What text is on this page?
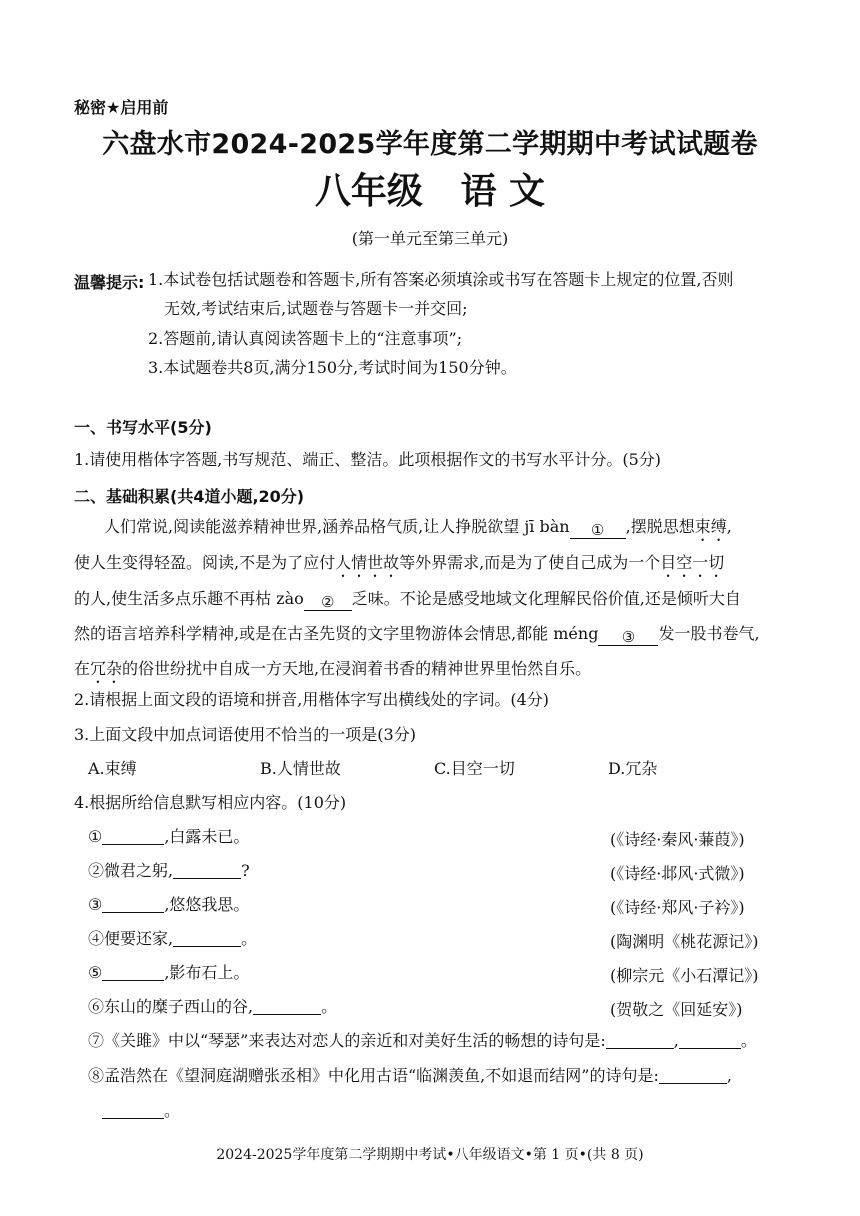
秘密★启用前
六盘水市2024-2025学年度第二学期期中考试试题卷
八年级   语 文
(第一单元至第三单元)
温馨提示: 1.本试卷包括试题卷和答题卡,所有答案必须填涂或书写在答题卡上规定的位置,否则
无效,考试结束后,试题卷与答题卡一并交回;
2.答题前,请认真阅读答题卡上的“注意事项”;
3.本试题卷共8页,满分150分,考试时间为150分钟。
一、书写水平(5分)
1.请使用楷体字答题,书写规范、端正、整洁。此项根据作文的书写水平计分。(5分)
二、基础积累(共4道小题,20分)
人们常说,阅读能滋养精神世界,涵养品格气质,让人挣脱欲望 jī bàn ① ,摆脱思想束缚,
使人生变得轻盈。阅读,不是为了应付人情世故等外界需求,而是为了使自己成为一个目空一切
的人,使生活多点乐趣不再枯 zào ② 乏味。不论是感受地域文化理解民俗价值,还是倾听大自
然的语言培养科学精神,或是在古圣先贤的文字里物游体会情思,都能 méng ③ 发一股书卷气,
在冗杂的俗世纷扰中自成一方天地,在浸润着书香的精神世界里怡然自乐。
2.请根据上面文段的语境和拼音,用楷体字写出横线处的字词。(4分)
3.上面文段中加点词语使用不恰当的一项是(3分)
A.束缚	B.人情世故	C.目空一切	D.冗杂
4.根据所给信息默写相应内容。(10分)
①	,白露未已。	(《诗经·秦风·蒹葭》)
②微君之躬,	?	(《诗经·邶风·式微》)
③	,悠悠我思。	(《诗经·郑风·子衿》)
④便要还家,	。	(陶渊明《桃花源记》)
⑤	,影布石上。	(柳宗元《小石潭记》)
⑥东山的糜子西山的谷,	。	(贺敬之《回延安》)
⑦《关雎》中以“琴瑟”来表达对恋人的亲近和对美好生活的畅想的诗句是:	,	。
⑧孟浩然在《望洞庭湖赠张丞相》中化用古语“临渊羡鱼,不如退而结网”的诗句是:	,
。
2024-2025学年度第二学期期中考试•八年级语文•第 1 页•(共 8 页)
